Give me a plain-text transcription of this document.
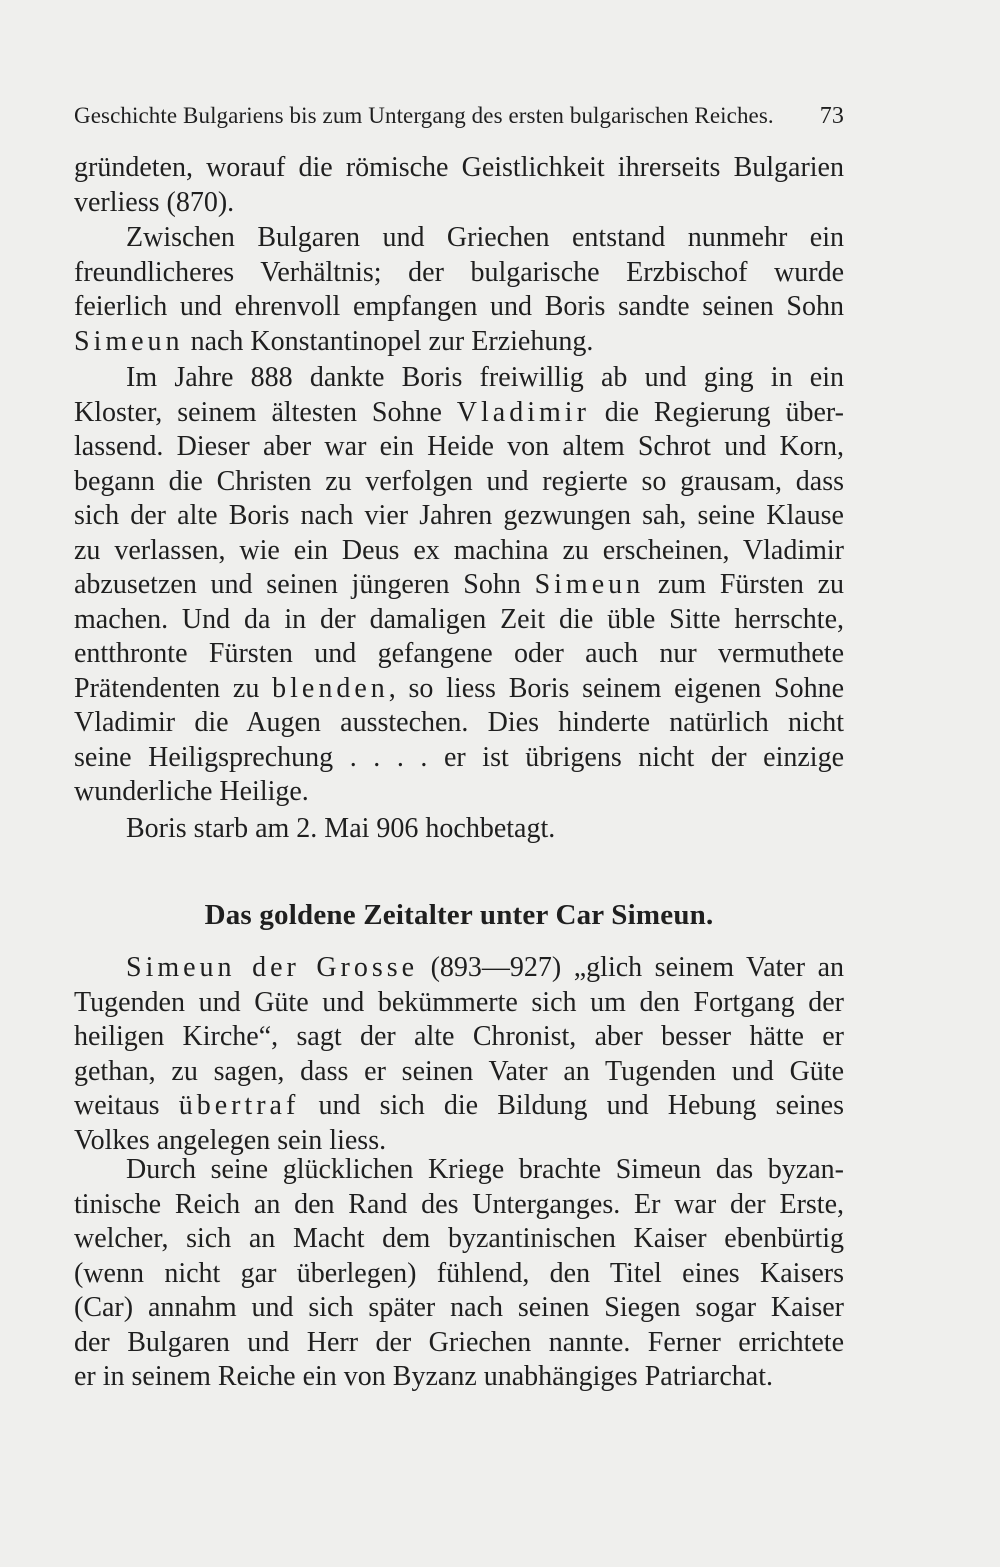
Geschichte Bulgariens bis zum Untergang des ersten bulgarischen Reiches. 73
gründeten, worauf die römische Geistlichkeit ihrerseits Bulgarien
verliess (870).
Zwischen Bulgaren und Griechen entstand nunmehr ein
freundlicheres Verhältnis; der bulgarische Erzbischof wurde
feierlich und ehrenvoll empfangen und Boris sandte seinen Sohn
Simeun nach Konstantinopel zur Erziehung.
Im Jahre 888 dankte Boris freiwillig ab und ging in ein
Kloster, seinem ältesten Sohne Vladimir die Regierung über-
lassend. Dieser aber war ein Heide von altem Schrot und Korn,
begann die Christen zu verfolgen und regierte so grausam, dass
sich der alte Boris nach vier Jahren gezwungen sah, seine Klause
zu verlassen, wie ein Deus ex machina zu erscheinen, Vladimir
abzusetzen und seinen jüngeren Sohn Simeun zum Fürsten zu
machen. Und da in der damaligen Zeit die üble Sitte herrschte,
entthronte Fürsten und gefangene oder auch nur vermuthete
Prätendenten zu blenden, so liess Boris seinem eigenen Sohne
Vladimir die Augen ausstechen. Dies hinderte natürlich nicht
seine Heiligsprechung . . . . er ist übrigens nicht der einzige
wunderliche Heilige.
Boris starb am 2. Mai 906 hochbetagt.
Das goldene Zeitalter unter Car Simeun.
Simeun der Grosse (893—927) „glich seinem Vater an
Tugenden und Güte und bekümmerte sich um den Fortgang der
heiligen Kirche“, sagt der alte Chronist, aber besser hätte er
gethan, zu sagen, dass er seinen Vater an Tugenden und Güte
weitaus übertraf und sich die Bildung und Hebung seines
Volkes angelegen sein liess.
Durch seine glücklichen Kriege brachte Simeun das byzan-
tinische Reich an den Rand des Unterganges. Er war der Erste,
welcher, sich an Macht dem byzantinischen Kaiser ebenbürtig
(wenn nicht gar überlegen) fühlend, den Titel eines Kaisers
(Car) annahm und sich später nach seinen Siegen sogar Kaiser
der Bulgaren und Herr der Griechen nannte. Ferner errichtete
er in seinem Reiche ein von Byzanz unabhängiges Patriarchat.
